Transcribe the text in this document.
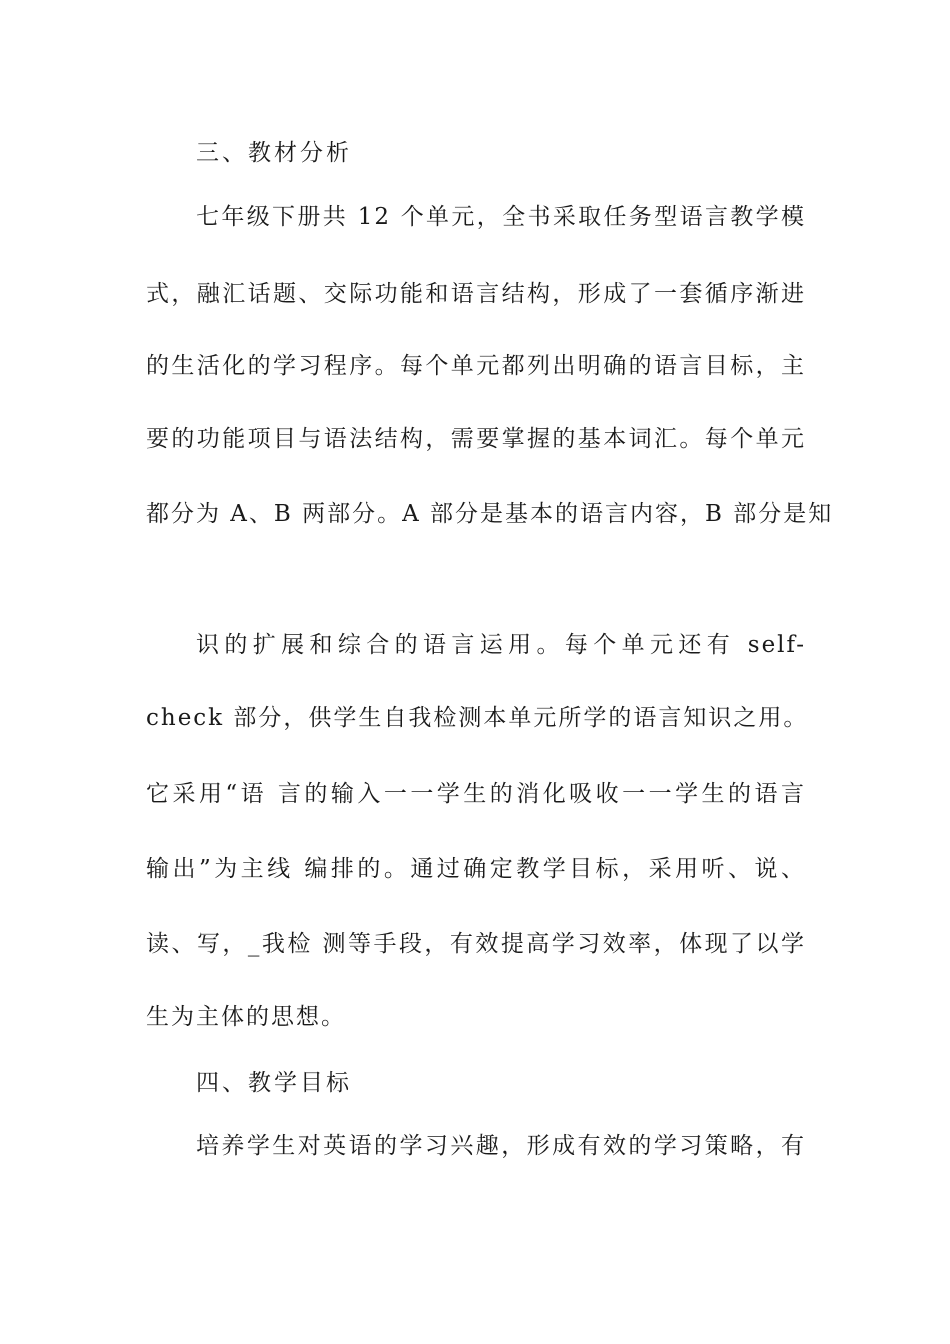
三、教材分析
七年级下册共 12 个单元，全书采取任务型语言教学模
式，融汇话题、交际功能和语言结构，形成了一套循序渐进
的生活化的学习程序。每个单元都列出明确的语言目标，主
要的功能项目与语法结构，需要掌握的基本词汇。每个单元
都分为 A、B 两部分。A 部分是基本的语言内容，B 部分是知
识的扩展和综合的语言运用。每个单元还有 self-
check 部分，供学生自我检测本单元所学的语言知识之用。
它采用“语 言的输入一一学生的消化吸收一一学生的语言
输出”为主线 编排的。通过确定教学目标，采用听、说、
读、写，_我检 测等手段，有效提高学习效率，体现了以学
生为主体的思想。
四、教学目标
培养学生对英语的学习兴趣，形成有效的学习策略，有
